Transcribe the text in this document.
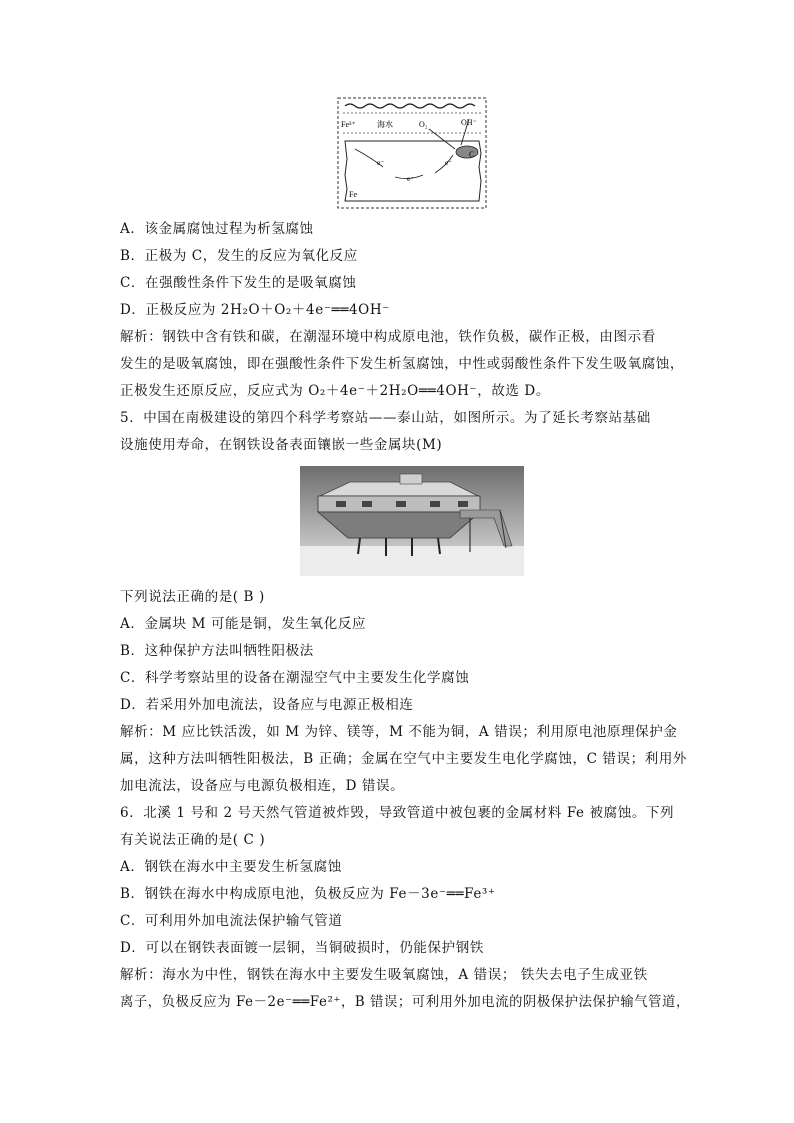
Fe³⁺	海水	O₂	OH⁻
C
e⁻
e⁻
e⁻
Fe
A．该金属腐蚀过程为析氢腐蚀
B．正极为 C，发生的反应为氧化反应
C．在强酸性条件下发生的是吸氧腐蚀
D．正极反应为 2H₂O＋O₂＋4e⁻══4OH⁻
解析：钢铁中含有铁和碳，在潮湿环境中构成原电池，铁作负极，碳作正极，由图示看
发生的是吸氧腐蚀，即在强酸性条件下发生析氢腐蚀，中性或弱酸性条件下发生吸氧腐蚀，
正极发生还原反应，反应式为 O₂＋4e⁻＋2H₂O══4OH⁻，故选 D。
5．中国在南极建设的第四个科学考察站——泰山站，如图所示。为了延长考察站基础
设施使用寿命，在钢铁设备表面镶嵌一些金属块(M)
下列说法正确的是( B )
A．金属块 M 可能是铜，发生氧化反应
B．这种保护方法叫牺牲阳极法
C．科学考察站里的设备在潮湿空气中主要发生化学腐蚀
D．若采用外加电流法，设备应与电源正极相连
解析：M 应比铁活泼，如 M 为锌、镁等，M 不能为铜，A 错误；利用原电池原理保护金
属，这种方法叫牺牲阳极法，B 正确；金属在空气中主要发生电化学腐蚀，C 错误；利用外
加电流法，设备应与电源负极相连，D 错误。
6．北溪 1 号和 2 号天然气管道被炸毁，导致管道中被包裹的金属材料 Fe 被腐蚀。下列
有关说法正确的是( C )
A．钢铁在海水中主要发生析氢腐蚀
B．钢铁在海水中构成原电池，负极反应为 Fe－3e⁻══Fe³⁺
C．可利用外加电流法保护输气管道
D．可以在钢铁表面镀一层铜，当铜破损时，仍能保护钢铁
解析：海水为中性，钢铁在海水中主要发生吸氧腐蚀，A 错误； 铁失去电子生成亚铁
离子，负极反应为 Fe－2e⁻══Fe²⁺，B 错误；可利用外加电流的阴极保护法保护输气管道，
